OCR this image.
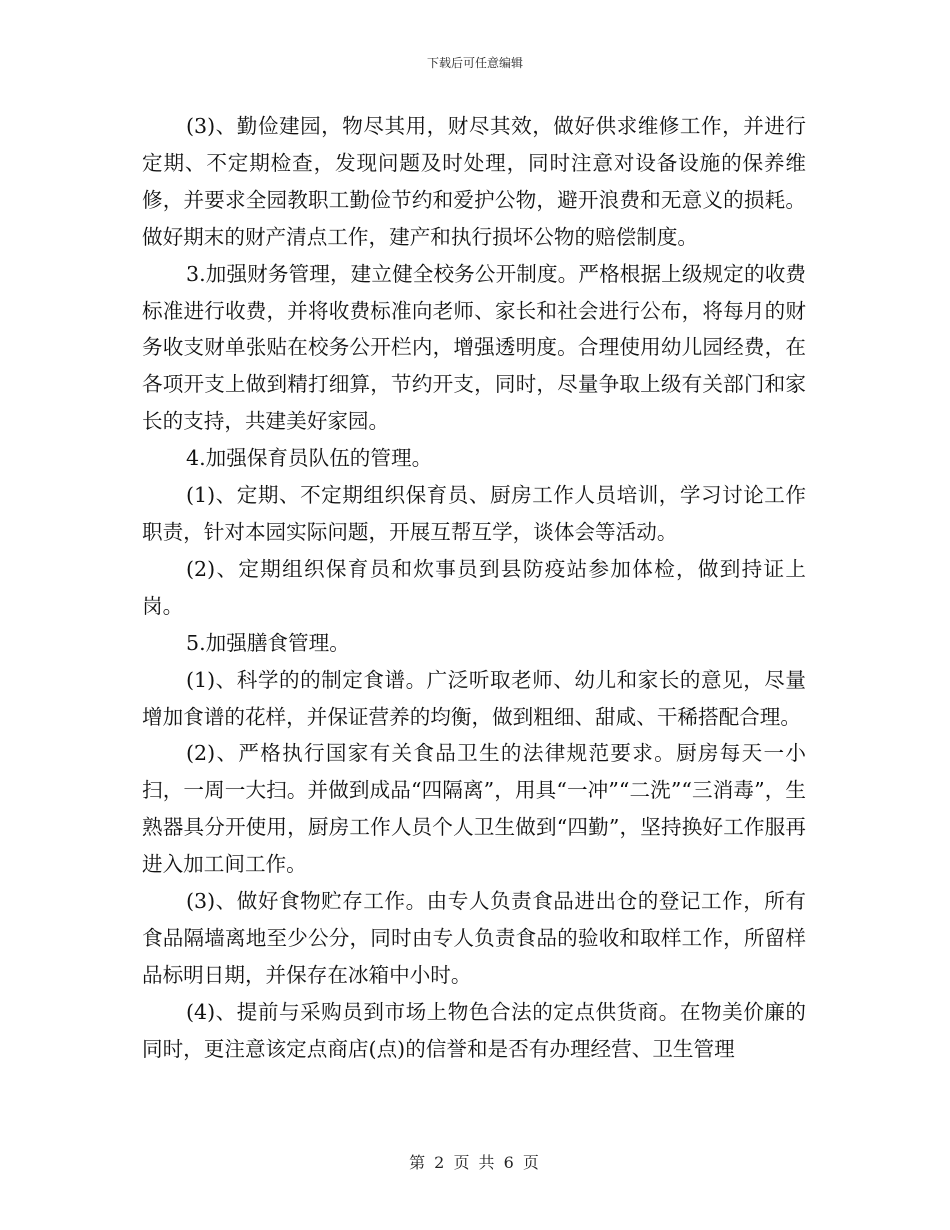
下载后可任意编辑

(3)、勤俭建园，物尽其用，财尽其效，做好供求维修工作，并进行定期、不定期检查，发现问题及时处理，同时注意对设备设施的保养维修，并要求全园教职工勤俭节约和爱护公物，避开浪费和无意义的损耗。做好期末的财产清点工作，建产和执行损坏公物的赔偿制度。

3.加强财务管理，建立健全校务公开制度。严格根据上级规定的收费标准进行收费，并将收费标准向老师、家长和社会进行公布，将每月的财务收支财单张贴在校务公开栏内，增强透明度。合理使用幼儿园经费，在各项开支上做到精打细算，节约开支，同时，尽量争取上级有关部门和家长的支持，共建美好家园。

4.加强保育员队伍的管理。

(1)、定期、不定期组织保育员、厨房工作人员培训，学习讨论工作职责，针对本园实际问题，开展互帮互学，谈体会等活动。

(2)、定期组织保育员和炊事员到县防疫站参加体检，做到持证上岗。

5.加强膳食管理。

(1)、科学的的制定食谱。广泛听取老师、幼儿和家长的意见，尽量增加食谱的花样，并保证营养的均衡，做到粗细、甜咸、干稀搭配合理。

(2)、严格执行国家有关食品卫生的法律规范要求。厨房每天一小扫，一周一大扫。并做到成品“四隔离”，用具“一冲”“二洗”“三消毒”，生熟器具分开使用，厨房工作人员个人卫生做到“四勤”，坚持换好工作服再进入加工间工作。

(3)、做好食物贮存工作。由专人负责食品进出仓的登记工作，所有食品隔墙离地至少公分，同时由专人负责食品的验收和取样工作，所留样品标明日期，并保存在冰箱中小时。

(4)、提前与采购员到市场上物色合法的定点供货商。在物美价廉的同时，更注意该定点商店(点)的信誉和是否有办理经营、卫生管理

第 2 页 共 6 页
